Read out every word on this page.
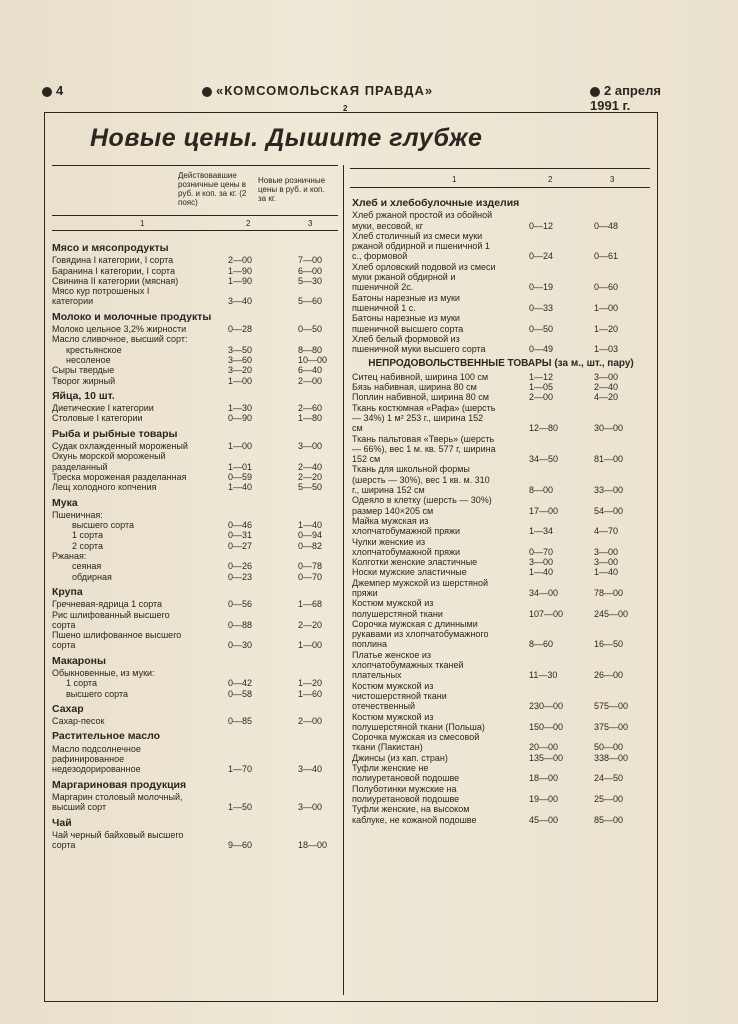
4	«КОМСОМОЛЬСКАЯ ПРАВДА»	2 апреля 1991 г.
2
Новые цены. Дышите глубже
Действовавшие розничные цены в руб. и коп. за кг. (2 пояс)
Новые розничные цены в руб. и коп. за кг.
1	2	3
1	2	3
Мясо и мясопродукты
Говядина I категории, I сорта	2—00	7—00
Баранина I категории, I сорта	1—90	6—00
Свинина II категории (мясная)	1—90	5—30
Мясо кур потрошеных I категории	3—40	5—60
Молоко и молочные продукты
Молоко цельное 3,2% жирности	0—28	0—50
Масло сливочное, высший сорт:
крестьянское	3—50	8—80
несоленое	3—60	10—00
Сыры твердые	3—20	6—40
Творог жирный	1—00	2—00
Яйца, 10 шт.
Диетические I категории	1—30	2—60
Столовые I категории	0—90	1—80
Рыба и рыбные товары
Судак охлажденный мороженый	1—00	3—00
Окунь морской мороженый разделанный	1—01	2—40
Треска мороженая разделанная	0—59	2—20
Лещ холодного копчения	1—40	5—50
Мука
Пшеничная:
высшего сорта	0—46	1—40
1 сорта	0—31	0—94
2 сорта	0—27	0—82
Ржаная:
сеяная	0—26	0—78
обдирная	0—23	0—70
Крупа
Гречневая-ядрица 1 сорта	0—56	1—68
Рис шлифованный высшего сорта	0—88	2—20
Пшено шлифованное высшего сорта	0—30	1—00
Макароны
Обыкновенные, из муки:
1 сорта	0—42	1—20
высшего сорта	0—58	1—60
Сахар
Сахар-песок	0—85	2—00
Растительное масло
Масло подсолнечное рафинированное недезодорированное	1—70	3—40
Маргариновая продукция
Маргарин столовый молочный, высший сорт	1—50	3—00
Чай
Чай черный байховый высшего сорта	9—60	18—00
Хлеб и хлебобулочные изделия
Хлеб ржаной простой из обойной муки, весовой, кг	0—12	0—48
Хлеб столичный из смеси муки ржаной обдирной и пшеничной 1 с., формовой	0—24	0—61
Хлеб орловский подовой из смеси муки ржаной обдирной и пшеничной 2с.	0—19	0—60
Батоны нарезные из муки пшеничной 1 с.	0—33	1—00
Батоны нарезные из муки пшеничной высшего сорта	0—50	1—20
Хлеб белый формовой из пшеничной муки высшего сорта	0—49	1—03
НЕПРОДОВОЛЬСТВЕННЫЕ ТОВАРЫ (за м., шт., пару)
Ситец набивной, ширина 100 см	1—12	3—00
Бязь набивная, ширина 80 см	1—05	2—40
Поплин набивной, ширина 80 см	2—00	4—20
Ткань костюмная «Рафа» (шерсть — 34%) 1 м² 253 г., ширина 152 см	12—80	30—00
Ткань пальтовая «Тверь» (шерсть — 66%), вес 1 м. кв. 577 г, ширина 152 см	34—50	81—00
Ткань для школьной формы (шерсть — 30%), вес 1 кв. м. 310 г., ширина 152 см	8—00	33—00
Одеяло в клетку (шерсть — 30%) размер 140×205 см	17—00	54—00
Майка мужская из хлопчатобумажной пряжи	1—34	4—70
Чулки женские из хлопчатобумажной пряжи	0—70	3—00
Колготки женские эластичные	3—00	3—00
Носки мужские эластичные	1—40	1—40
Джемпер мужской из шерстяной пряжи	34—00	78—00
Костюм мужской из полушерстяной ткани	107—00	245—00
Сорочка мужская с длинными рукавами из хлопчатобумажного поплина	8—60	16—50
Платье женское из хлопчатобумажных тканей плательных	11—30	26—00
Костюм мужской из чистошерстяной ткани отечественный	230—00	575—00
Костюм мужской из полушерстяной ткани (Польша)	150—00	375—00
Сорочка мужская из смесовой ткани (Пакистан)	20—00	50—00
Джинсы (из кап. стран)	135—00	338—00
Туфли женские не полиуретановой подошве	18—00	24—50
Полуботинки мужские на полиуретановой подошве	19—00	25—00
Туфли женские, на высоком каблуке, не кожаной подошве	45—00	85—00
